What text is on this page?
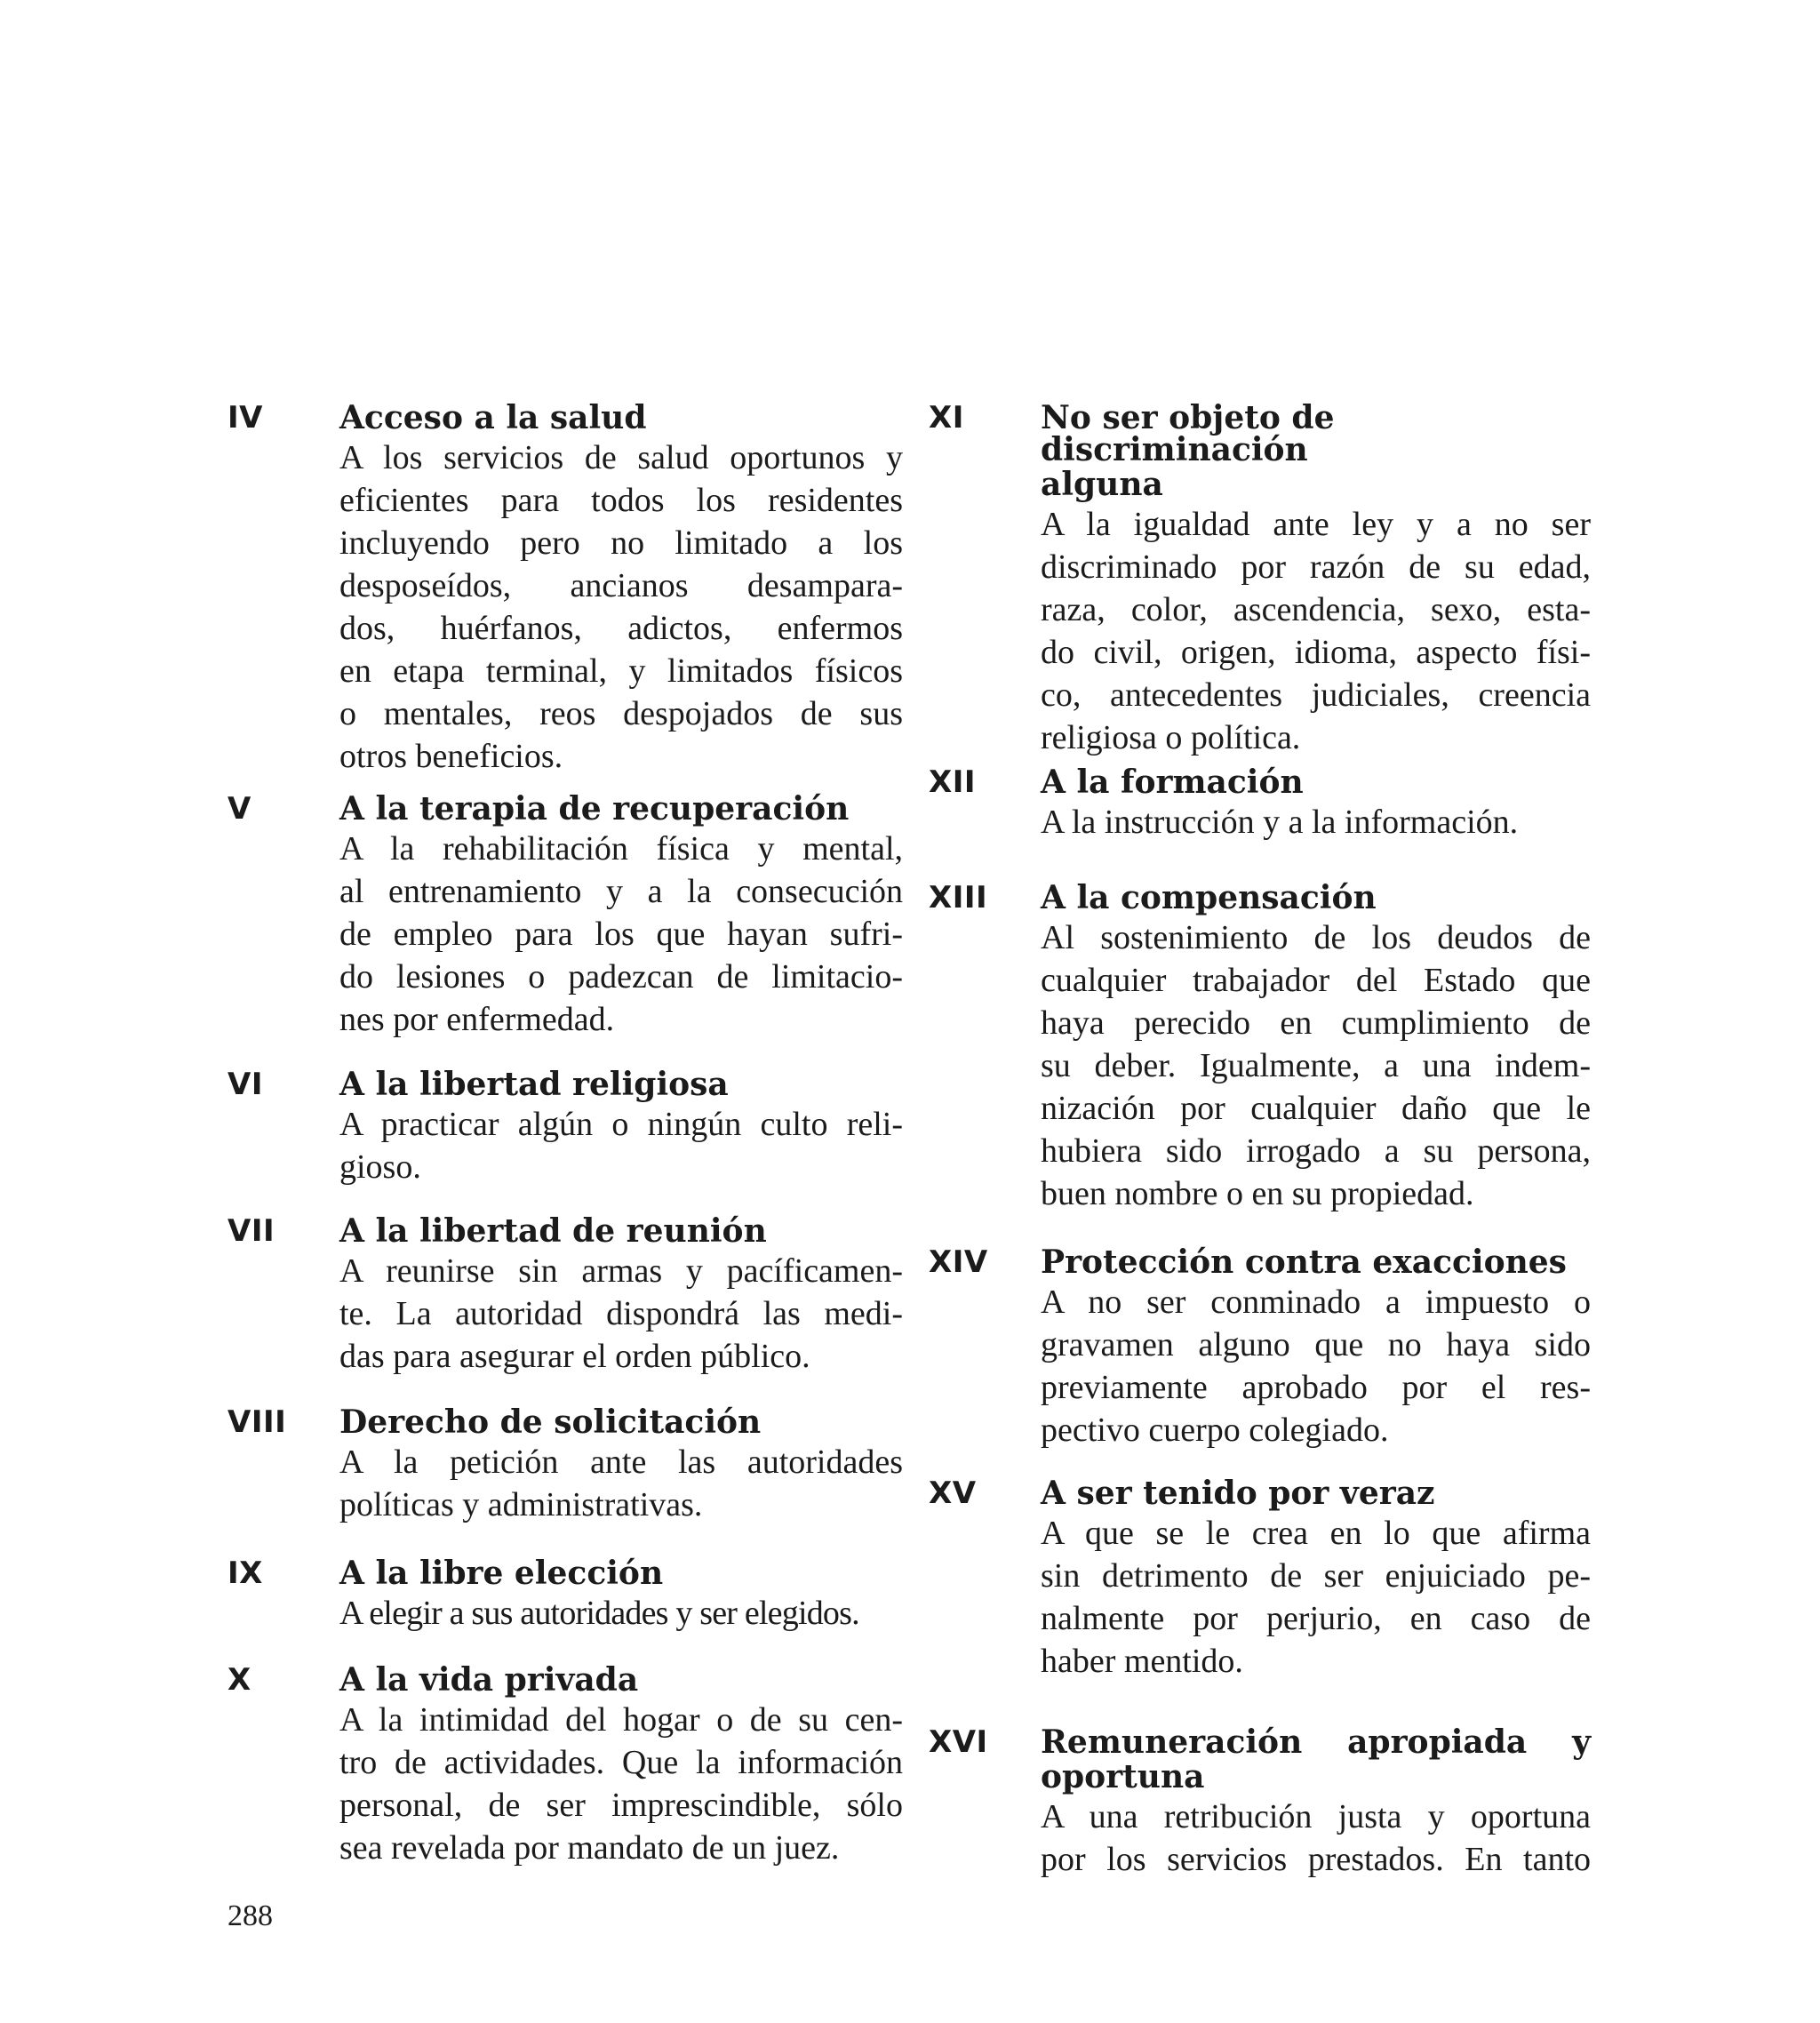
IV Acceso a la salud
A los servicios de salud oportunos y
eficientes para todos los residentes
incluyendo pero no limitado a los
desposeídos, ancianos desampara-
dos, huérfanos, adictos, enfermos
en etapa terminal, y limitados físicos
o mentales, reos despojados de sus
otros beneficios.
V	A la terapia de recuperación
A la rehabilitación física y mental,
al entrenamiento y a la consecución
de empleo para los que hayan sufri-
do lesiones o padezcan de limitacio-
nes por enfermedad.
VI A la libertad religiosa
A practicar algún o ningún culto reli-
gioso.
VII A la libertad de reunión
A reunirse sin armas y pacíficamen-
te. La autoridad dispondrá las medi-
das para asegurar el orden público.
VIII Derecho de solicitación
A la petición ante las autoridades
políticas y administrativas.
IX A la libre elección
A elegir a sus autoridades y ser elegidos.
X	A la vida privada
A la intimidad del hogar o de su cen-
tro de actividades. Que la información
personal, de ser imprescindible, sólo
sea revelada por mandato de un juez.
XI No ser objeto de discriminación
alguna
A la igualdad ante ley y a no ser
discriminado por razón de su edad,
raza, color, ascendencia, sexo, esta-
do civil, origen, idioma, aspecto físi-
co, antecedentes judiciales, creencia
religiosa o política.
XII A la formación
A la instrucción y a la información.
XIII A la compensación
Al sostenimiento de los deudos de
cualquier trabajador del Estado que
haya perecido en cumplimiento de
su deber. Igualmente, a una indem-
nización por cualquier daño que le
hubiera sido irrogado a su persona,
buen nombre o en su propiedad.
XIV Protección contra exacciones
A no ser conminado a impuesto o
gravamen alguno que no haya sido
previamente aprobado por el res-
pectivo cuerpo colegiado.
XV A ser tenido por veraz
A que se le crea en lo que afirma
sin detrimento de ser enjuiciado pe-
nalmente por perjurio, en caso de
haber mentido.
XVI Remuneración apropiada y
oportuna
A una retribución justa y oportuna
por los servicios prestados. En tanto
288
